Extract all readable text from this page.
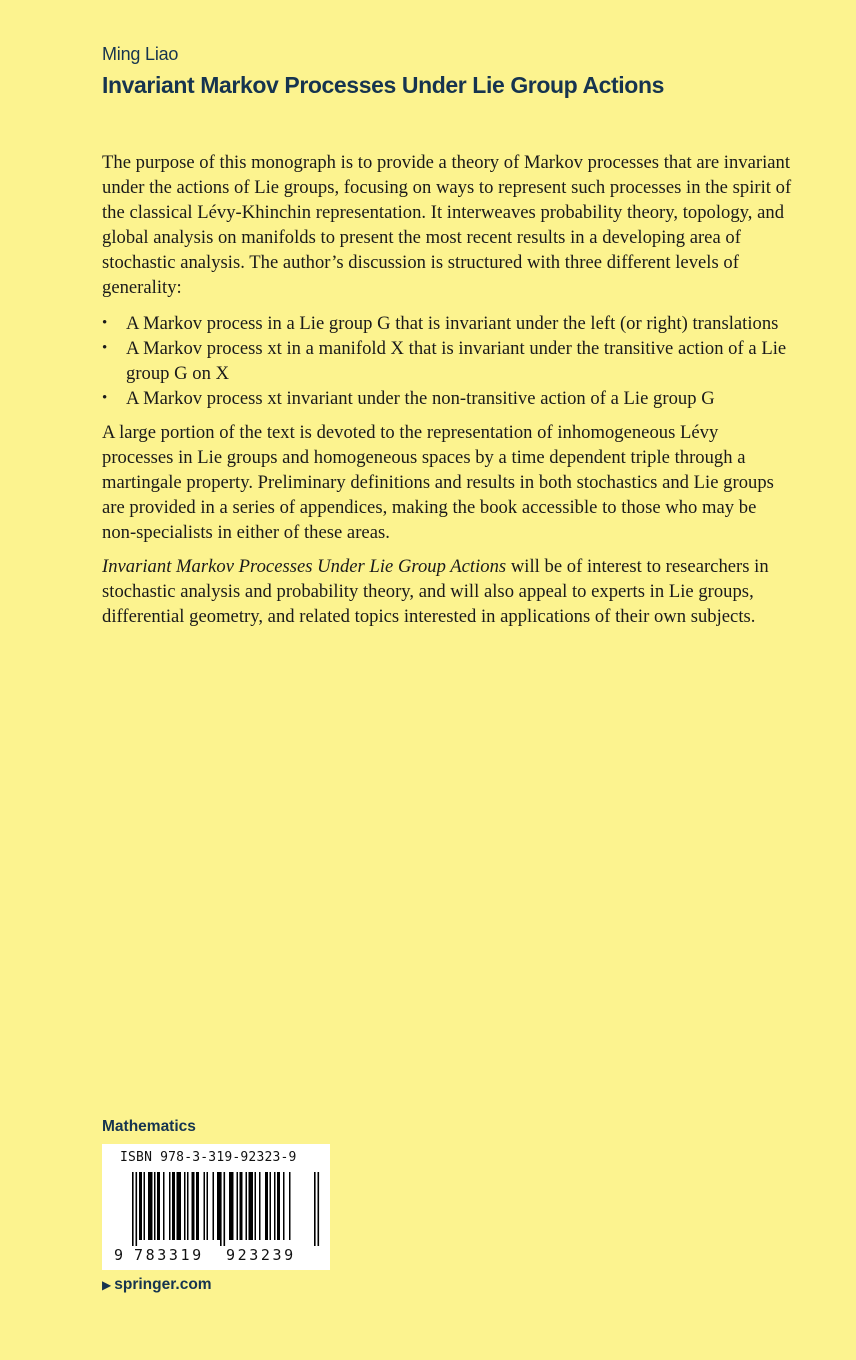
Ming Liao
Invariant Markov Processes Under Lie Group Actions

The purpose of this monograph is to provide a theory of Markov processes that are invariant under the actions of Lie groups, focusing on ways to represent such processes in the spirit of the classical Lévy-Khinchin representation. It interweaves probability theory, topology, and global analysis on manifolds to present the most recent results in a developing area of stochastic analysis. The author’s discussion is structured with three different levels of generality:

• A Markov process in a Lie group G that is invariant under the left (or right) translations
• A Markov process xt in a manifold X that is invariant under the transitive action of a Lie group G on X
• A Markov process xt invariant under the non-transitive action of a Lie group G

A large portion of the text is devoted to the representation of inhomogeneous Lévy processes in Lie groups and homogeneous spaces by a time dependent triple through a martingale property. Preliminary definitions and results in both stochastics and Lie groups are provided in a series of appendices, making the book accessible to those who may be non-specialists in either of these areas.

Invariant Markov Processes Under Lie Group Actions will be of interest to researchers in stochastic analysis and probability theory, and will also appeal to experts in Lie groups, differential geometry, and related topics interested in applications of their own subjects.

Mathematics
ISBN 978-3-319-92323-9
9 783319 923239
▶ springer.com
